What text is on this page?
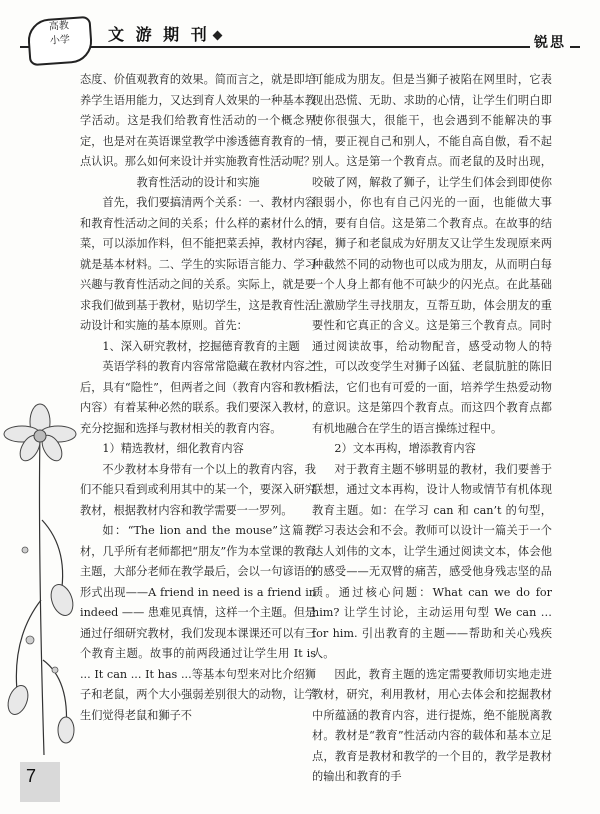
高教
小学	文 游 期 刊	锐思

态度、价值观教育的效果。简而言之，就是即培养学生语用能力，又达到育人效果的一种基本教学活动。这是我们给教育性活动的一个概念界定，也是对在英语课堂教学中渗透德育教育的一点认识。那么如何来设计并实施教育性活动呢？

教育性活动的设计和实施

首先，我们要搞清两个关系：一、教材内容和教育性活动之间的关系；什么样的素材什么的菜，可以添加作料，但不能把菜丢掉，教材内容就是基本材料。二、学生的实际语言能力、学习兴趣与教育性活动之间的关系。实际上，就是要求我们做到基于教材，贴切学生，这是教育性活动设计和实施的基本原则。首先：

1、深入研究教材，挖掘德育教育的主题

英语学科的教育内容常常隐藏在教材内容之后，具有“隐性”，但两者之间（教育内容和教材内容）有着某种必然的联系。我们要深入教材，充分挖掘和选择与教材相关的教育内容。

1）精选教材，细化教育内容

不少教材本身带有一个以上的教育内容，我们不能只看到或利用其中的某一个，要深入研究教材，根据教材内容和教学需要一一罗列。

如：“The lion and the mouse”这篇教材，几乎所有老师都把“朋友”作为本堂课的教育主题，大部分老师在教学最后，会以一句谚语的形式出现——A friend in need is a friend in indeed —— 患难见真情，这样一个主题。但是通过仔细研究教材，我们发现本课课还可以有三个教育主题。故事的前两段通过让学生用 It is ... It can ... It has ...等基本句型来对比介绍狮子和老鼠，两个大小强弱差别很大的动物，让学生们觉得老鼠和狮子不

可能成为朋友。但是当狮子被陷在网里时，它表现出恐慌、无助、求助的心情，让学生们明白即使你很强大，很能干，也会遇到不能解决的事情，要正视自己和别人，不能自高自傲，看不起别人。这是第一个教育点。而老鼠的及时出现，咬破了网，解救了狮子，让学生们体会到即使你很弱小，你也有自己闪光的一面，也能做大事情，要有自信。这是第二个教育点。在故事的结尾，狮子和老鼠成为好朋友又让学生发现原来两种截然不同的动物也可以成为朋友，从而明白每一个人身上都有他不可缺少的闪光点。在此基础上激励学生寻找朋友，互帮互助，体会朋友的重要性和它真正的含义。这是第三个教育点。同时通过阅读故事，给动物配音，感受动物人的特性，可以改变学生对狮子凶猛、老鼠肮脏的陈旧看法，它们也有可爱的一面，培养学生热爱动物的意识。这是第四个教育点。而这四个教育点都有机地融合在学生的语言操练过程中。

2）文本再构，增添教育内容

对于教育主题不够明显的教材，我们要善于联想，通过文本再构，设计人物或情节有机体现教育主题。如：在学习 can 和 can’t 的句型，学习表达会和不会。教师可以设计一篇关于一个达人刘伟的文本，让学生通过阅读文本，体会他的感受——无双臂的痛苦，感受他身残志坚的品质。通过核心问题：What can we do for him? 让学生讨论，主动运用句型 We can … for him. 引出教育的主题——帮助和关心残疾人。

因此，教育主题的选定需要教师切实地走进教材，研究，利用教材，用心去体会和挖掘教材中所蕴涵的教育内容，进行提炼，绝不能脱离教材。教材是“教育”性活动内容的载体和基本立足点，教育是教材和教学的一个目的，教学是教材的输出和教育的手

7
